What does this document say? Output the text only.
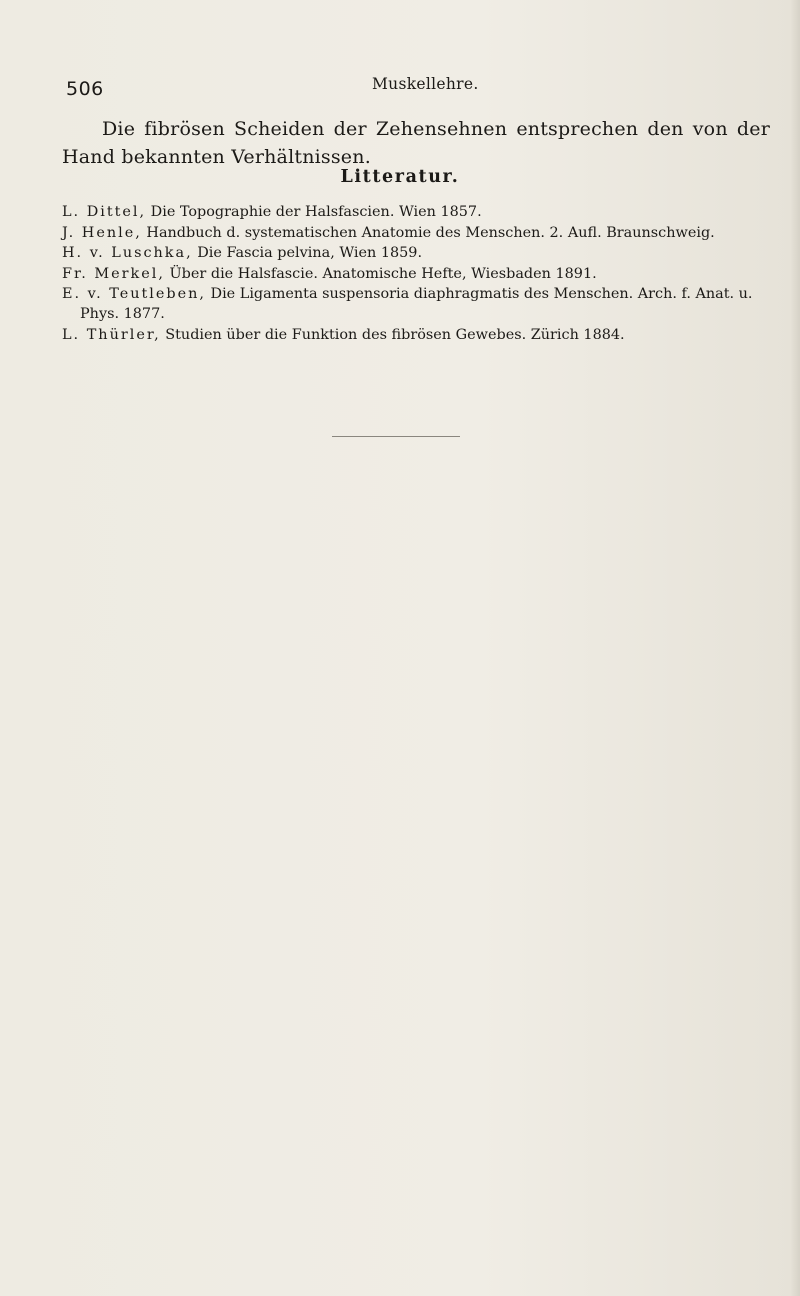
506	Muskellehre.

Die fibrösen Scheiden der Zehensehnen entsprechen den von der Hand bekannten Verhältnissen.

Litteratur.
L. Dittel, Die Topographie der Halsfascien. Wien 1857.
J. Henle, Handbuch d. systematischen Anatomie des Menschen. 2. Aufl. Braunschweig.
H. v. Luschka, Die Fascia pelvina, Wien 1859.
Fr. Merkel, Über die Halsfascie. Anatomische Hefte, Wiesbaden 1891.
E. v. Teutleben, Die Ligamenta suspensoria diaphragmatis des Menschen. Arch. f. Anat. u. Phys. 1877.
L. Thürler, Studien über die Funktion des fibrösen Gewebes. Zürich 1884.
